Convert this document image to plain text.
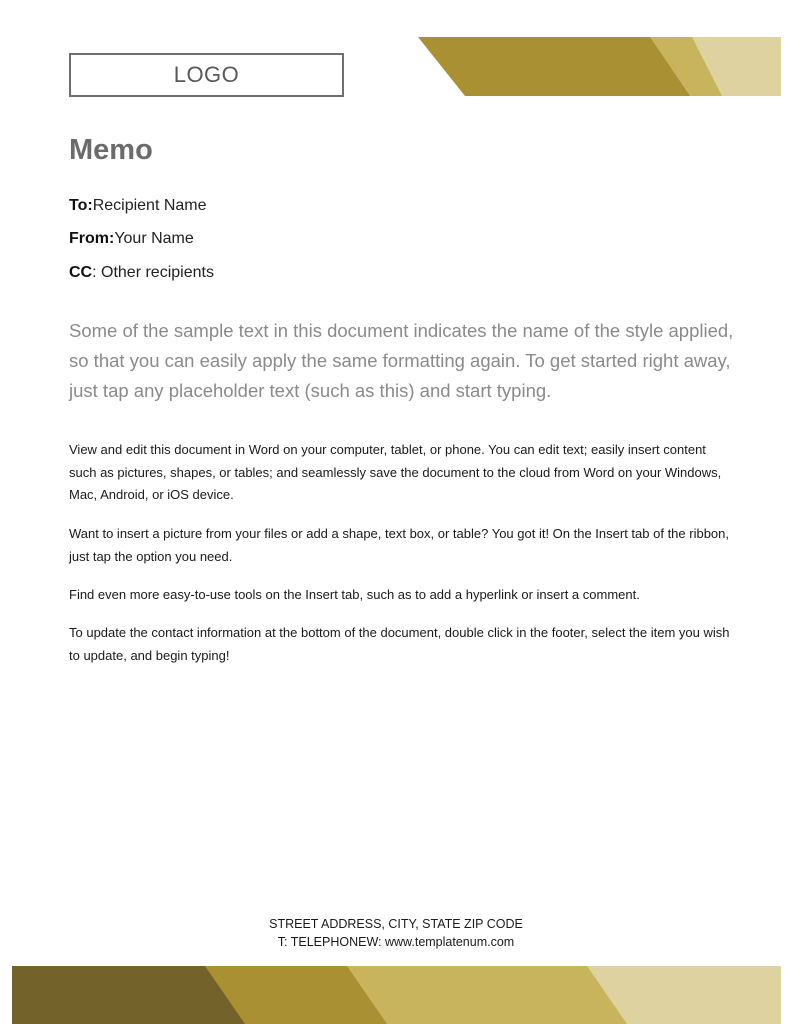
LOGO
Memo
To:Recipient Name
From:Your Name
CC: Other recipients
Some of the sample text in this document indicates the name of the style applied, so that you can easily apply the same formatting again. To get started right away, just tap any placeholder text (such as this) and start typing.
View and edit this document in Word on your computer, tablet, or phone. You can edit text; easily insert content such as pictures, shapes, or tables; and seamlessly save the document to the cloud from Word on your Windows, Mac, Android, or iOS device.
Want to insert a picture from your files or add a shape, text box, or table? You got it! On the Insert tab of the ribbon, just tap the option you need.
Find even more easy-to-use tools on the Insert tab, such as to add a hyperlink or insert a comment.
To update the contact information at the bottom of the document, double click in the footer, select the item you wish to update, and begin typing!
STREET ADDRESS, CITY, STATE ZIP CODE
T: TELEPHONEW: www.templatenum.com
